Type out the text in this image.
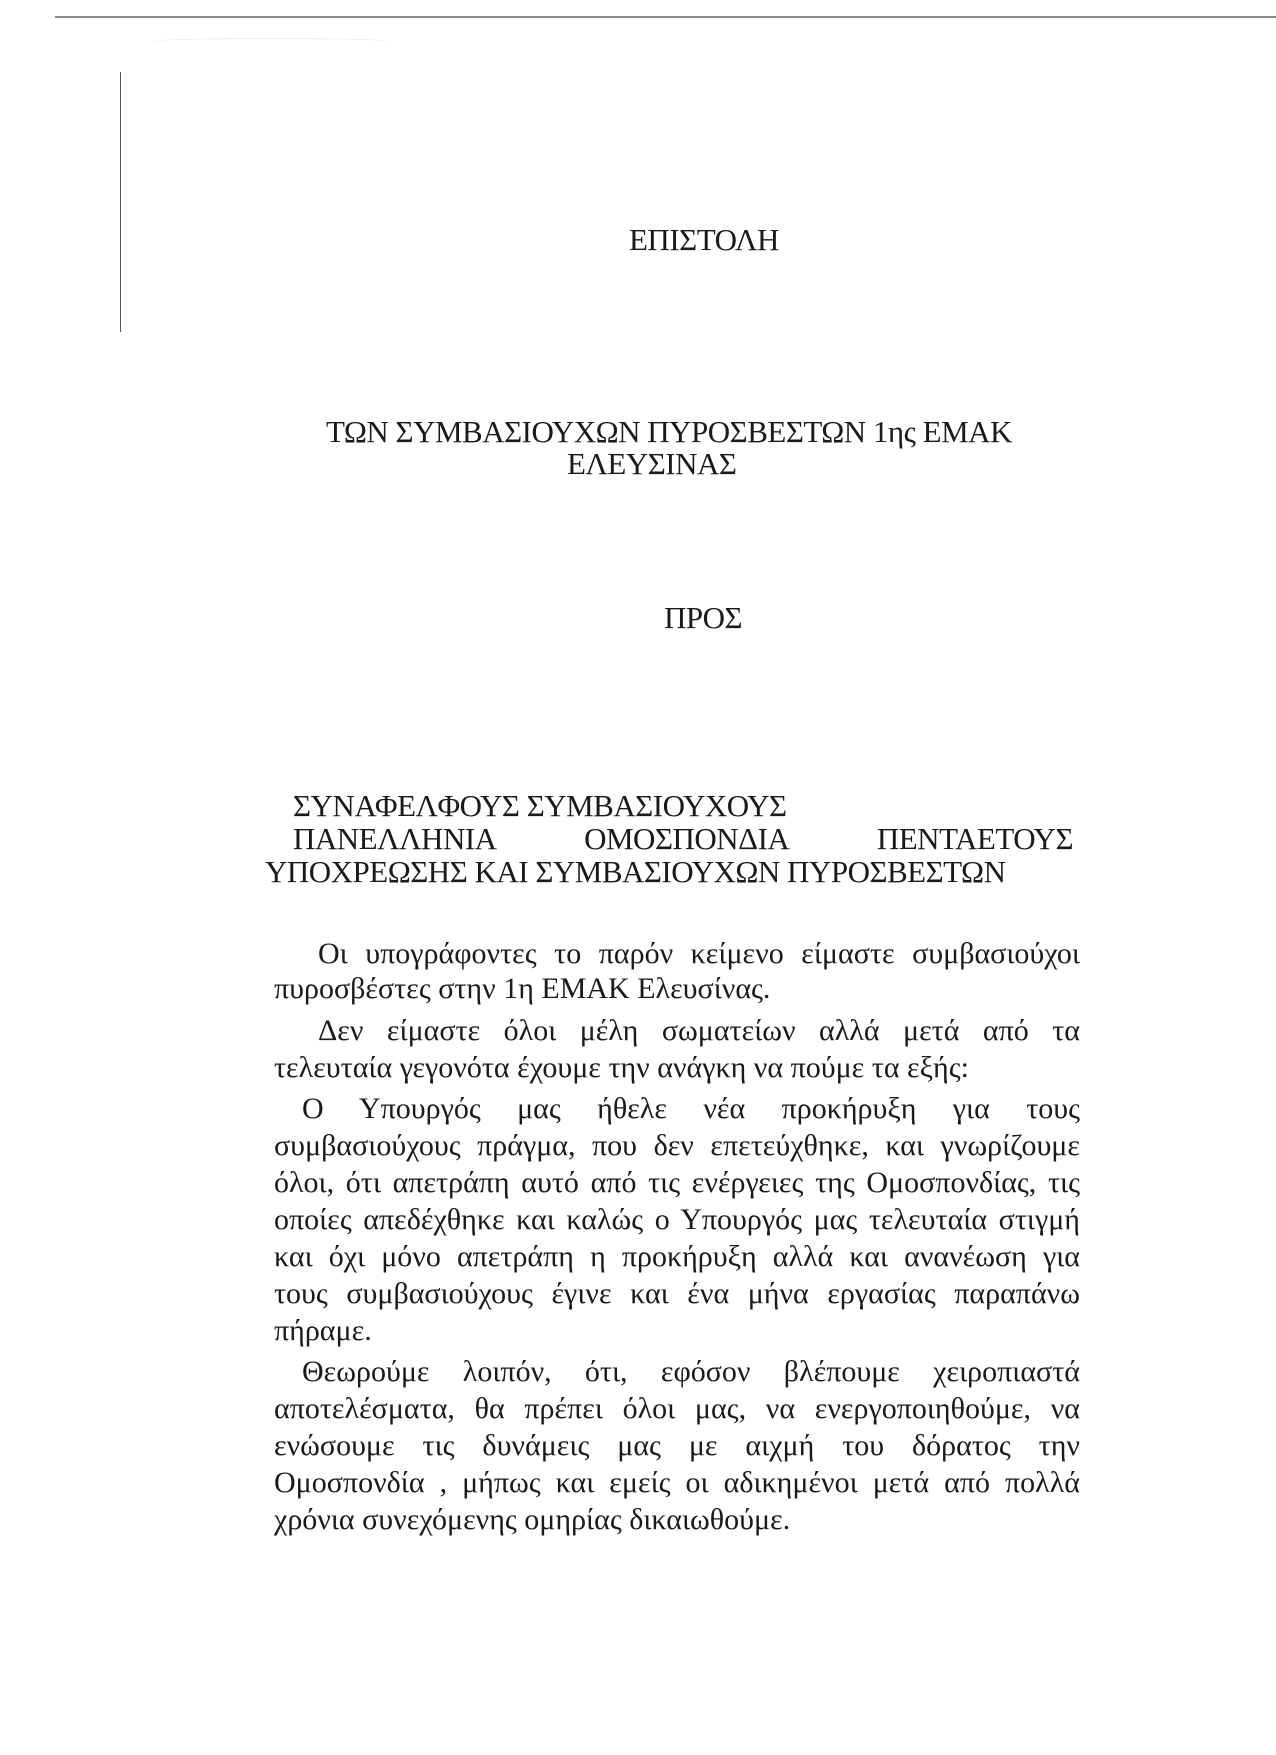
ΕΠΙΣΤΟΛΗ
ΤΩΝ ΣΥΜΒΑΣΙΟΥΧΩΝ ΠΥΡΟΣΒΕΣΤΩΝ 1ης ΕΜΑΚ
ΕΛΕΥΣΙΝΑΣ
ΠΡΟΣ
ΣΥΝΑΦΕΛΦΟΥΣ ΣΥΜΒΑΣΙΟΥΧΟΥΣ
ΠΑΝΕΛΛΗΝΙΑ ΟΜΟΣΠΟΝΔΙΑ ΠΕΝΤΑΕΤΟΥΣ
ΥΠΟΧΡΕΩΣΗΣ ΚΑΙ ΣΥΜΒΑΣΙΟΥΧΩΝ ΠΥΡΟΣΒΕΣΤΩΝ
Οι υπογράφοντες το παρόν κείμενο είμαστε συμβασιούχοι
πυροσβέστες στην 1η ΕΜΑΚ Ελευσίνας.
Δεν είμαστε όλοι μέλη σωματείων αλλά μετά από τα
τελευταία γεγονότα έχουμε την ανάγκη να πούμε τα εξής:
Ο Υπουργός μας ήθελε νέα προκήρυξη για τους
συμβασιούχους πράγμα, που δεν επετεύχθηκε, και γνωρίζουμε
όλοι, ότι απετράπη αυτό από τις ενέργειες της Ομοσπονδίας, τις
οποίες απεδέχθηκε και καλώς ο Υπουργός μας τελευταία στιγμή
και όχι μόνο απετράπη η προκήρυξη αλλά και ανανέωση για
τους συμβασιούχους έγινε και ένα μήνα εργασίας παραπάνω
πήραμε.
Θεωρούμε λοιπόν, ότι, εφόσον βλέπουμε χειροπιαστά
αποτελέσματα, θα πρέπει όλοι μας, να ενεργοποιηθούμε, να
ενώσουμε τις δυνάμεις μας με αιχμή του δόρατος την
Ομοσπονδία , μήπως και εμείς οι αδικημένοι μετά από πολλά
χρόνια συνεχόμενης ομηρίας δικαιωθούμε.
